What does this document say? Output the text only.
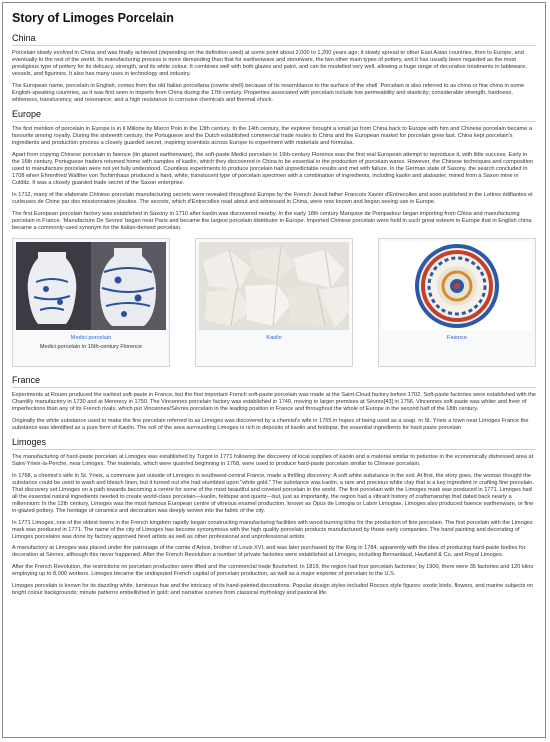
Story of Limoges Porcelain
China

Porcelain slowly evolved in China and was finally achieved (depending on the definition used) at some point about 2,000 to 1,200 years ago; it slowly spread to other East Asian countries, then to Europe, and eventually to the rest of the world. Its manufacturing process is more demanding than that for earthenware and stoneware, the two other main types of pottery, and it has usually been regarded as the most prestigious type of pottery for its delicacy, strength, and its white colour. It combines well with both glazes and paint, and can be modelled very well, allowing a huge range of decorative treatments in tableware, vessels, and figurines. It also has many uses in technology and industry.

The European name, porcelain in English, comes from the old Italian porcellana (cowrie shell) because of its resemblance to the surface of the shell. Porcelain is also referred to as china or fine china in some English-speaking countries, as it was first seen in imports from China during the 17th century. Properties associated with porcelain include low permeability and elasticity; considerable strength, hardness, whiteness, translucency, and resonance; and a high resistance to corrosive chemicals and thermal shock.

Europe

The first mention of porcelain in Europe is in Il Milione by Marco Polo in the 13th century. In the 14th century, the explorer brought a small jar from China back to Europe with him and Chinese porcelain became a favourite among royalty. During the sixteenth century, the Portuguese and the Dutch established commercial trade routes to China and the European market for porcelain grew fast. China kept porcelain's ingredients and production process a closely guarded secret, inspiring scientists across Europe to experiment with materials and formulas.

Apart from copying Chinese porcelain in faience (tin glazed earthenware), the soft-paste Medici porcelain in 16th-century Florence was the first real European attempt to reproduce it, with little success. Early in the 16th century, Portuguese traders returned home with samples of kaolin, which they discovered in China to be essential in the production of porcelain wares. However, the Chinese techniques and composition used to manufacture porcelain were not yet fully understood. Countless experiments to produce porcelain had unpredictable results and met with failure. In the German state of Saxony, the search concluded in 1708 when Ehrenfried Walther von Tschirnhaus produced a hard, white, translucent type of porcelain specimen with a combination of ingredients, including kaolin and alabaster, mined from a Saxon mine in Colditz. It was a closely guarded trade secret of the Saxon enterprise.

In 1712, many of the elaborate Chinese porcelain manufacturing secrets were revealed throughout Europe by the French Jesuit father Francois Xavier d'Entrecolles and soon published in the Lettres édifiantes et curieuses de Chine par des missionnaires jésuites. The secrets, which d'Entrecolles read about and witnessed in China, were now known and began seeing use in Europe.

The first European porcelain factory was established in Saxony in 1710 after kaolin was discovered nearby. In the early 18th century Marquise de Pompadour began importing from China and manufacturing porcelain in France. 'Manufacture De Sevres' began near Paris and became the largest porcelain distributor in Europe. Imported Chinese porcelain were held in such great esteem in Europe that in English china became a commonly-used synonym for the Italian-derived porcelain.

Medici porcelain
Medici porcelain in 16th-century Florence
Kaolin	Faience
France

Experiments at Rouen produced the earliest soft-paste in France, but the first important French soft-paste porcelain was made at the Saint-Cloud factory before 1702. Soft-paste factories were established with the Chantilly manufactory in 1730 and at Mennecy in 1750. The Vincennes porcelain factory was established in 1740, moving to larger premises at Sèvres[43] in 1756. Vincennes soft-paste was whiter and freer of imperfections than any of its French rivals, which put Vincennes/Sèvres porcelain in the leading position in France and throughout the whole of Europe in the second half of the 18th century.

Originally the white substance used to make the fine porcelain referred to as Limoges was discovered by a chemist's wife in 1765 in hopes of being used as a soap. In St. Yrieix a town near Limoges France the substance was identified as a pure form of Kaolin. The soil of the area surrounding Limoges is rich in deposits of kaolin and feldspar, the essential ingredients for hard paste porcelain

Limoges

The manufacturing of hard-paste porcelain at Limoges was established by Turgot in 1771 following the discovery of local supplies of kaolin and a material similar to petuntse in the economically distressed area at Saint-Yrieix-la-Perche, near Limoges. The materials, which were quarried beginning in 1768, were used to produce hard-paste porcelain similar to Chinese porcelain.

In 1768, a chemist's wife in St. Yrieix, a commune just outside of Limoges in southwest-central France, made a thrilling discovery: A soft white substance in the soil. At first, the story goes, the woman thought the substance could be used to wash and bleach linen, but it turned out she had stumbled upon "white gold." The substance was kaolin, a rare and precious white clay that is a key ingredient in crafting fine porcelain. That discovery set Limoges on a path towards becoming a centre for some of the most beautiful and coveted porcelain in the world. The first porcelain with the Limoges mark was produced in 1771. Limoges had all the essential natural ingredients needed to create world-class porcelain—kaolin, feldspar and quartz—but, just as importantly, the region had a vibrant history of craftsmanship that dated back nearly a millennium: In the 12th century, Limoges was the most famous European centre of vitreous enamel production, known as Opus de Limogia or Labor Limogiae. Limoges also produced faience earthenware, or fine in-glazed pottery. The heritage of ceramics and decoration was deeply woven into the fabric of the city.

In 1771 Limoges, one of the oldest towns in the French kingdom rapidly began constructing manufacturing facilities with wood burning kilns for the production of fine porcelain. The first porcelain with the Limoges mark was produced in 1771. The name of the city of Limoges has become synonymous with the high quality porcelain products manufactured by those early companies. The hand painting and decorating of Limoges porcelains was done by factory approved hired artists as well as other professional and unprofessional artists.

A manufactory at Limoges was placed under the patronage of the comte d'Artois, brother of Louis XVI, and was later purchased by the King in 1784, apparently with the idea of producing hard-paste bodies for decoration at Sèvres, although this never happened. After the French Revolution a number of private factories were established at Limoges, including Bernardaud, Haviland & Co. and Royal Limoges.

After the French Revolution, the restrictions on porcelain production were lifted and the commercial trade flourished. In 1819, the region had four porcelain factories; by 1900, there were 35 factories and 120 kilns employing up to 8,000 workers. Limoges became the undisputed French capital of porcelain production, as well as a major exporter of porcelain to the U.S.

Limoges porcelain is known for its dazzling white, luminous hue and the intricacy of its hand-painted decorations. Popular design styles included Rococo style figures: exotic birds, flowers, and marine subjects on bright colour backgrounds; minute patterns embellished in gold; and narrative scenes from classical mythology and pastoral life.
